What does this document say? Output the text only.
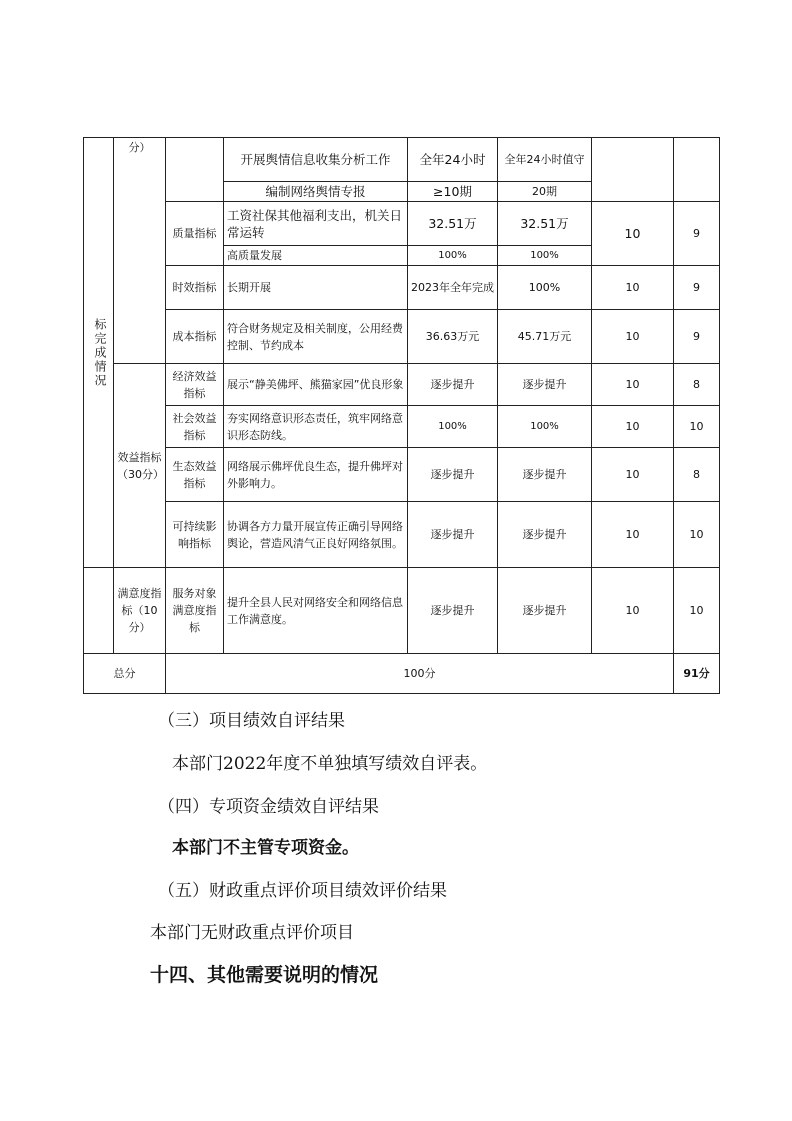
标完成情况	分）		开展舆情信息收集分析工作	全年24小时	全年24小时值守		
			编制网络舆情专报	≥10期	20期		
		质量指标	工资社保其他福利支出，机关日常运转	32.51万	32.51万	10	9
			高质量发展	100%	100%		
		时效指标	长期开展	2023年全年完成	100%	10	9
		成本指标	符合财务规定及相关制度，公用经费控制、节约成本	36.63万元	45.71万元	10	9
	效益指标（30分）	经济效益指标	展示“静美佛坪、熊猫家园”优良形象	逐步提升	逐步提升	10	8
		社会效益指标	夯实网络意识形态责任，筑牢网络意识形态防线。	100%	100%	10	10
		生态效益指标	网络展示佛坪优良生态，提升佛坪对外影响力。	逐步提升	逐步提升	10	8
		可持续影响指标	协调各方力量开展宣传正确引导网络舆论，营造风清气正良好网络氛围。	逐步提升	逐步提升	10	10
	满意度指标（10分）	服务对象满意度指标	提升全县人民对网络安全和网络信息工作满意度。	逐步提升	逐步提升	10	10
总分		100分					91分
（三）项目绩效自评结果
本部门2022年度不单独填写绩效自评表。
（四）专项资金绩效自评结果
本部门不主管专项资金。
（五）财政重点评价项目绩效评价结果
本部门无财政重点评价项目
十四、其他需要说明的情况
